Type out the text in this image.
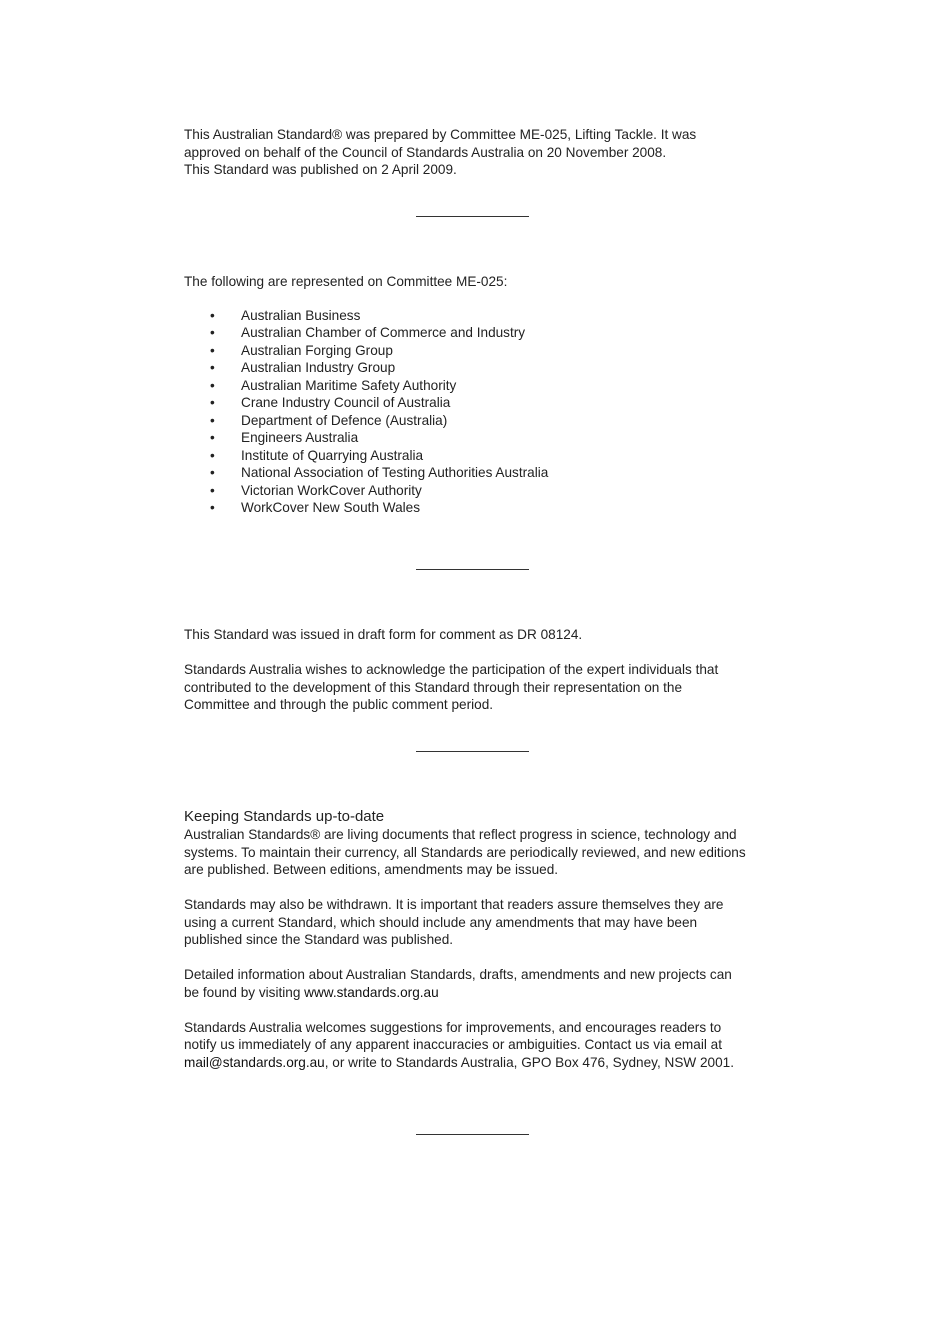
This Australian Standard® was prepared by Committee ME-025, Lifting Tackle. It was

approved on behalf of the Council of Standards Australia on 20 November 2008.

This Standard was published on 2 April 2009.

The following are represented on Committee ME-025:

• Australian Business
• Australian Chamber of Commerce and Industry
• Australian Forging Group
• Australian Industry Group
• Australian Maritime Safety Authority
• Crane Industry Council of Australia
• Department of Defence (Australia)
• Engineers Australia
• Institute of Quarrying Australia
• National Association of Testing Authorities Australia
• Victorian WorkCover Authority
• WorkCover New South Wales

This Standard was issued in draft form for comment as DR 08124.

Standards Australia wishes to acknowledge the participation of the expert individuals that

contributed to the development of this Standard through their representation on the

Committee and through the public comment period.

Keeping Standards up-to-date

Australian Standards® are living documents that reflect progress in science, technology and

systems. To maintain their currency, all Standards are periodically reviewed, and new editions

are published. Between editions, amendments may be issued.

Standards may also be withdrawn. It is important that readers assure themselves they are

using a current Standard, which should include any amendments that may have been

published since the Standard was published.

Detailed information about Australian Standards, drafts, amendments and new projects can

be found by visiting www.standards.org.au

Standards Australia welcomes suggestions for improvements, and encourages readers to

notify us immediately of any apparent inaccuracies or ambiguities. Contact us via email at

mail@standards.org.au, or write to Standards Australia, GPO Box 476, Sydney, NSW 2001.
